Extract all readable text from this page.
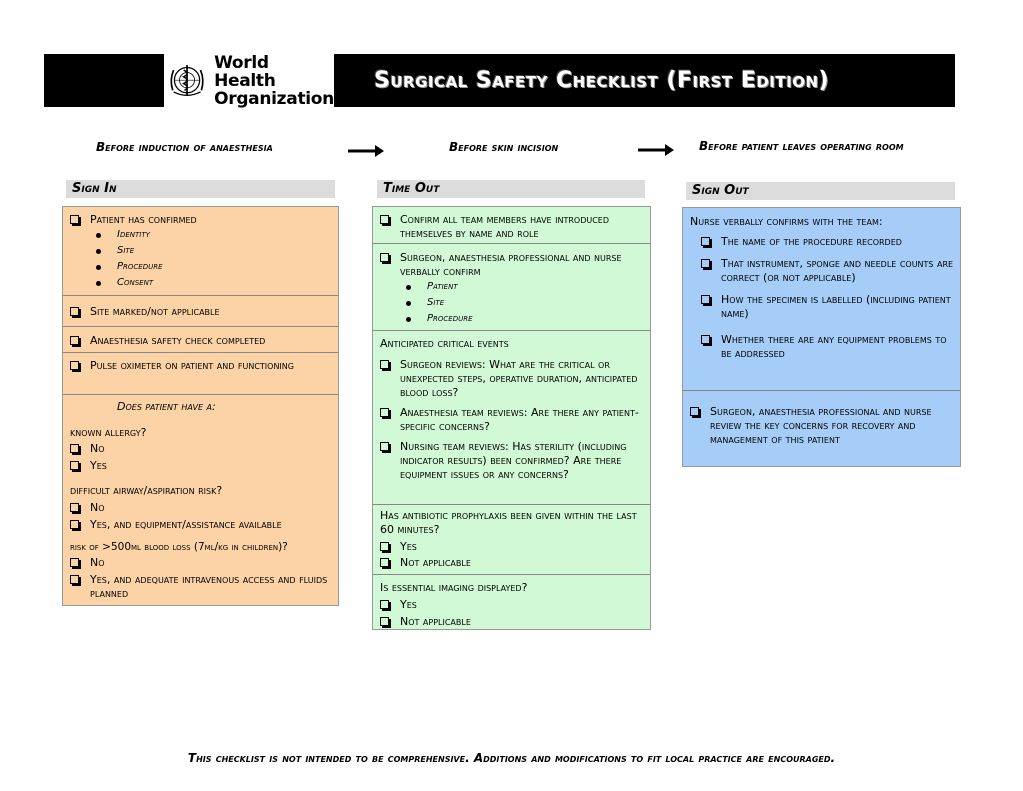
World Health
Organization
Surgical Safety Checklist (First Edition)
Before induction of anaesthesia	Before skin incision	Before patient leaves operating room
Sign In	Time Out	Sign Out
Patient has confirmed
Identity
Site
Procedure
Consent
Site marked/not applicable
Anaesthesia safety check completed
Pulse oximeter on patient and functioning
Does patient have a:
known allergy?
No
Yes
difficult airway/aspiration risk?
No
Yes, and equipment/assistance available
risk of >500ml blood loss (7ml/kg in children)?
No
Yes, and adequate intravenous access and fluids planned
Confirm all team members have introduced themselves by name and role
Surgeon, anaesthesia professional and nurse verbally confirm
Patient
Site
Procedure
Anticipated critical events
Surgeon reviews: What are the critical or unexpected steps, operative duration, anticipated blood loss?
Anaesthesia team reviews: Are there any patient-specific concerns?
Nursing team reviews: Has sterility (including indicator results) been confirmed? Are there equipment issues or any concerns?
Has antibiotic prophylaxis been given within the last 60 minutes?
Yes
Not applicable
Is essential imaging displayed?
Yes
Not applicable
Nurse verbally confirms with the team:
The name of the procedure recorded
That instrument, sponge and needle counts are correct (or not applicable)
How the specimen is labelled (including patient name)
Whether there are any equipment problems to be addressed
Surgeon, anaesthesia professional and nurse review the key concerns for recovery and management of this patient
This checklist is not intended to be comprehensive. Additions and modifications to fit local practice are encouraged.
